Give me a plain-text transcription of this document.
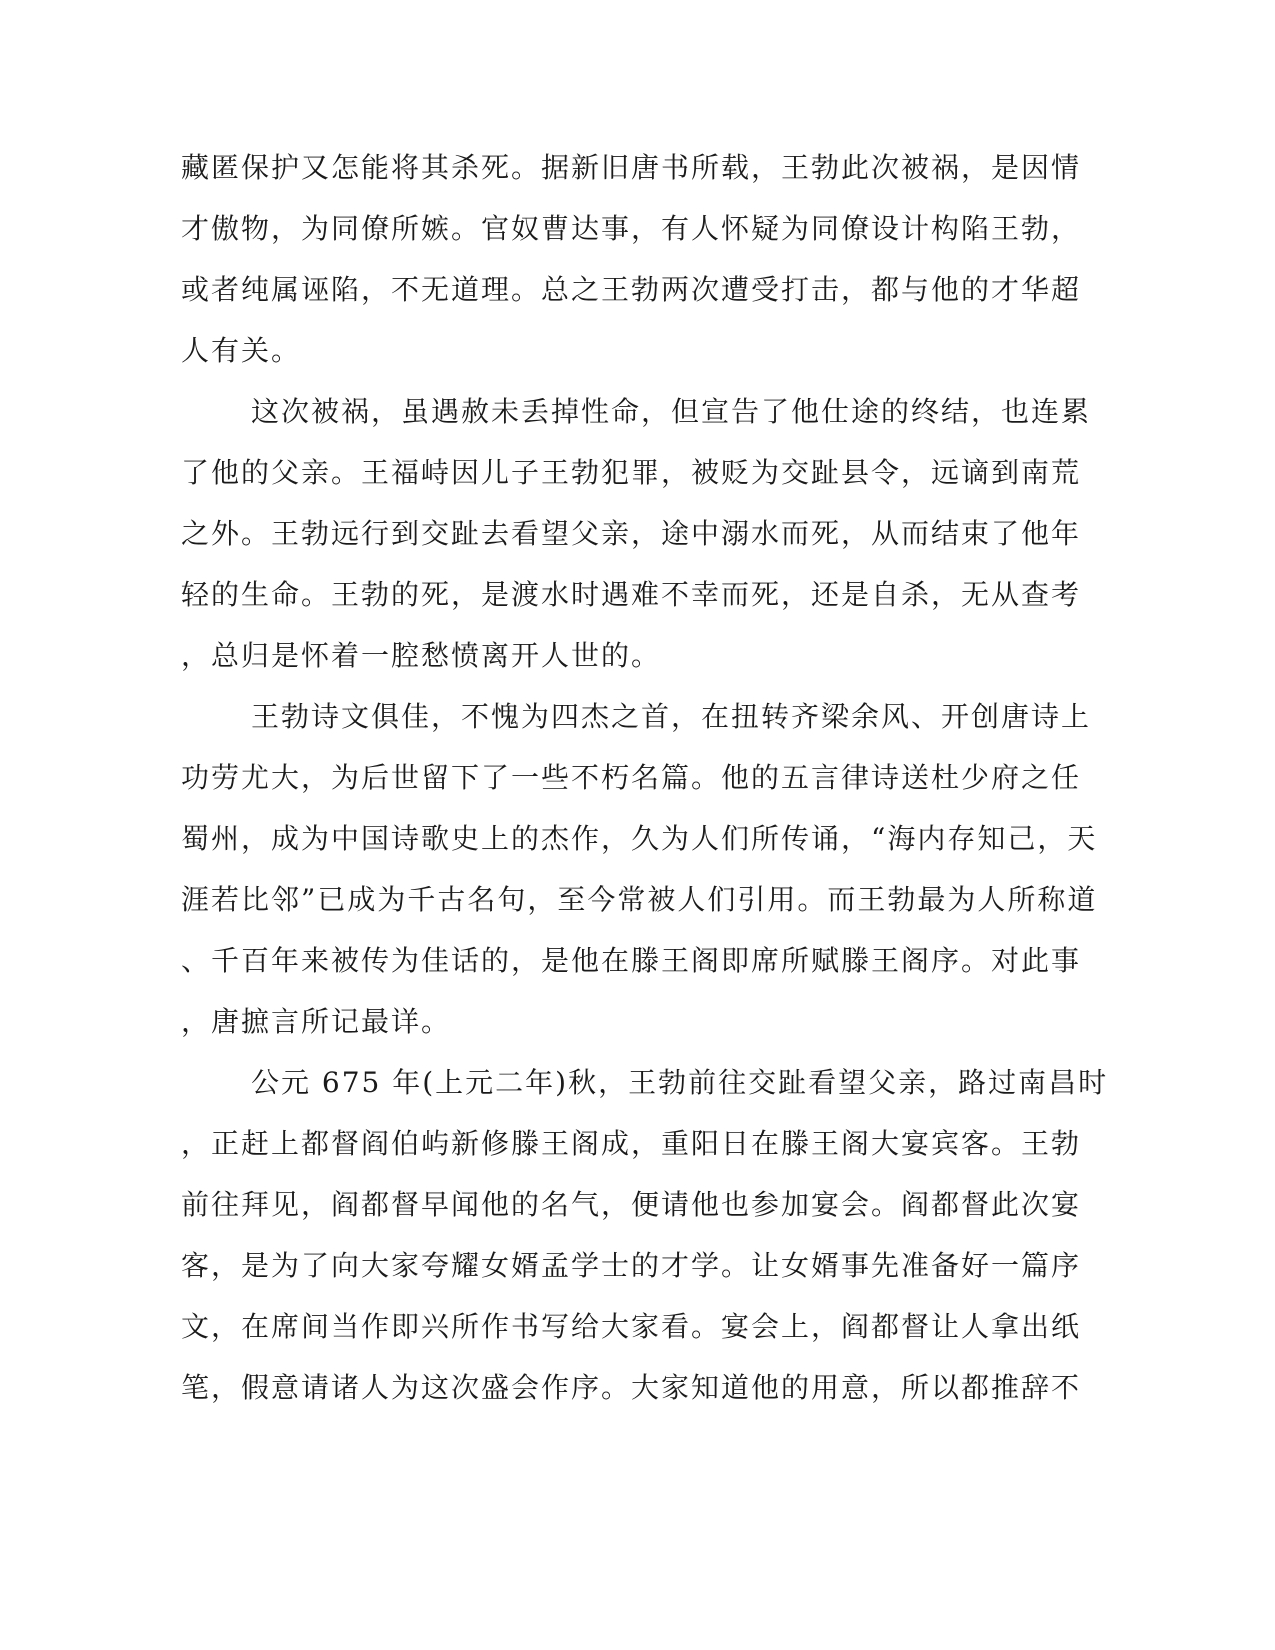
藏匿保护又怎能将其杀死。据新旧唐书所载，王勃此次被祸，是因情
才傲物，为同僚所嫉。官奴曹达事，有人怀疑为同僚设计构陷王勃，
或者纯属诬陷，不无道理。总之王勃两次遭受打击，都与他的才华超
人有关。
这次被祸，虽遇赦未丢掉性命，但宣告了他仕途的终结，也连累
了他的父亲。王福峙因儿子王勃犯罪，被贬为交趾县令，远谪到南荒
之外。王勃远行到交趾去看望父亲，途中溺水而死，从而结束了他年
轻的生命。王勃的死，是渡水时遇难不幸而死，还是自杀，无从查考
，总归是怀着一腔愁愤离开人世的。
王勃诗文俱佳，不愧为四杰之首，在扭转齐梁余风、开创唐诗上
功劳尤大，为后世留下了一些不朽名篇。他的五言律诗送杜少府之任
蜀州，成为中国诗歌史上的杰作，久为人们所传诵，“海内存知己，天
涯若比邻”已成为千古名句，至今常被人们引用。而王勃最为人所称道
、千百年来被传为佳话的，是他在滕王阁即席所赋滕王阁序。对此事
，唐摭言所记最详。
公元 675 年(上元二年)秋，王勃前往交趾看望父亲，路过南昌时
，正赶上都督阎伯屿新修滕王阁成，重阳日在滕王阁大宴宾客。王勃
前往拜见，阎都督早闻他的名气，便请他也参加宴会。阎都督此次宴
客，是为了向大家夸耀女婿孟学士的才学。让女婿事先准备好一篇序
文，在席间当作即兴所作书写给大家看。宴会上，阎都督让人拿出纸
笔，假意请诸人为这次盛会作序。大家知道他的用意，所以都推辞不
